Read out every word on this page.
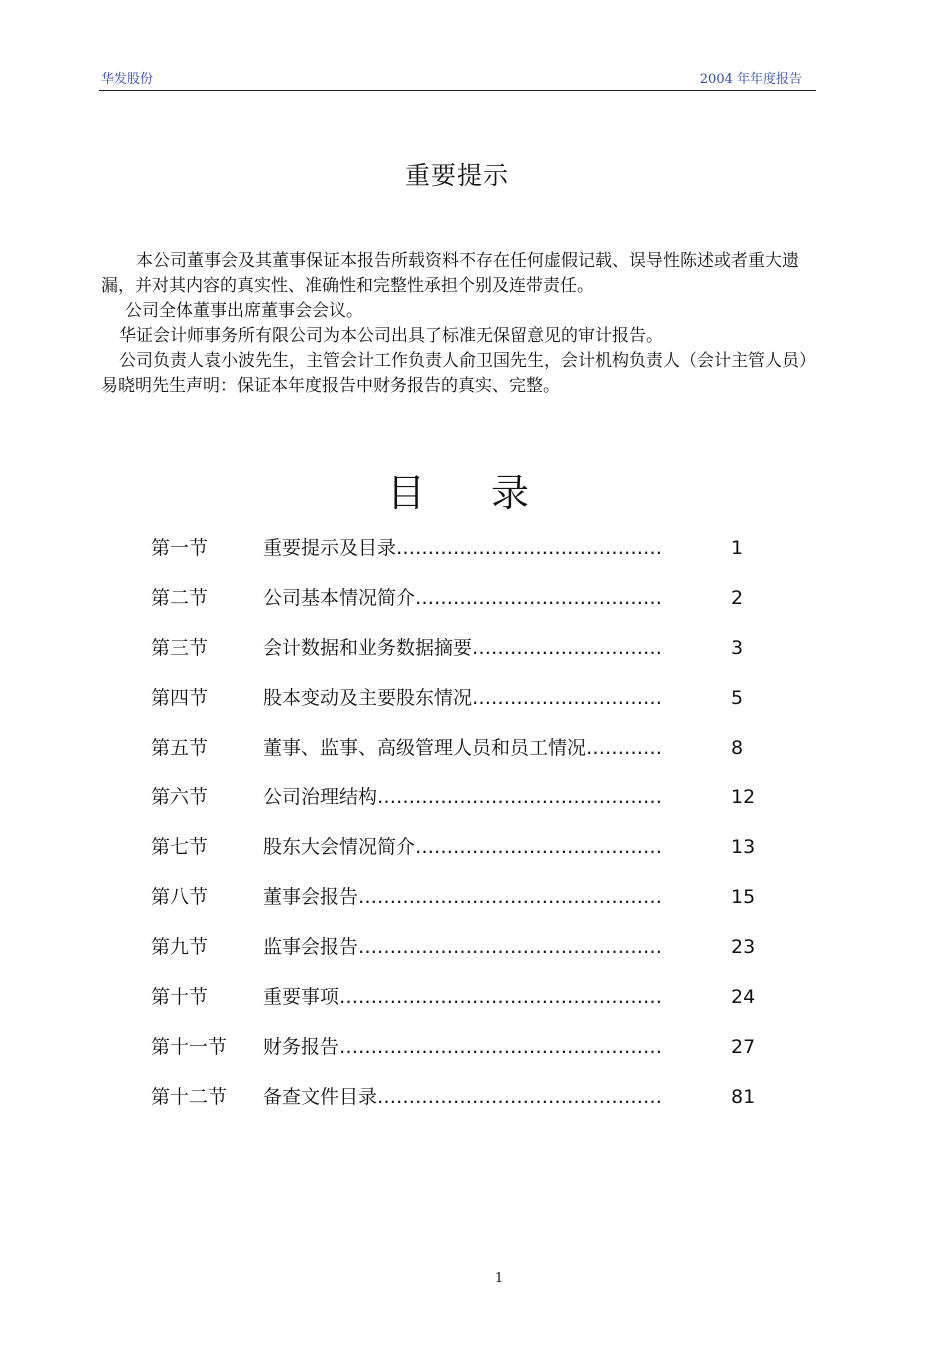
华发股份	2004 年年度报告
重要提示

本公司董事会及其董事保证本报告所载资料不存在任何虚假记载、误导性陈述或者重大遗漏，并对其内容的真实性、准确性和完整性承担个别及连带责任。

公司全体董事出席董事会会议。

华证会计师事务所有限公司为本公司出具了标准无保留意见的审计报告。

公司负责人袁小波先生，主管会计工作负责人俞卫国先生，会计机构负责人（会计主管人员）易晓明先生声明：保证本年度报告中财务报告的真实、完整。

目 录
第一节	重要提示及目录……………………………………	1
第二节	公司基本情况简介…………………………………	2
第三节	会计数据和业务数据摘要…………………………	3
第四节	股本变动及主要股东情况…………………………	5
第五节	董事、监事、高级管理人员和员工情况…………	8
第六节	公司治理结构………………………………………	12
第七节	股东大会情况简介…………………………………	13
第八节	董事会报告…………………………………………	15
第九节	监事会报告…………………………………………	23
第十节	重要事项……………………………………………	24
第十一节 财务报告……………………………………………	27
第十二节 备查文件目录………………………………………	81
1
